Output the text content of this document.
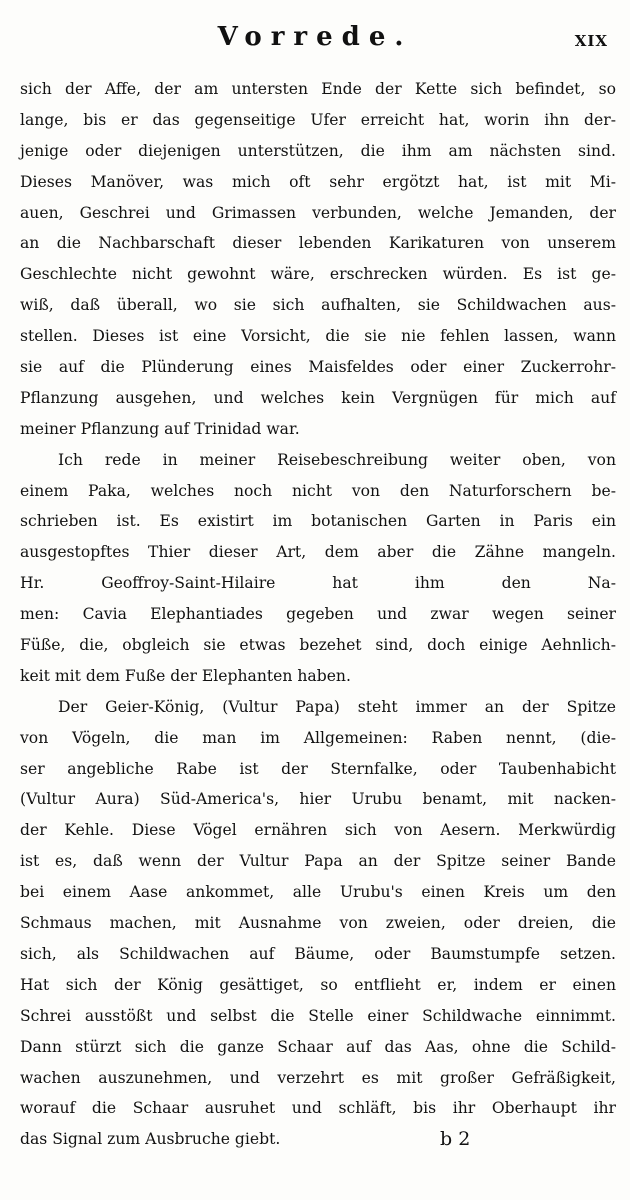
Vorrede.	XIX
sich der Affe, der am untersten Ende der Kette sich befindet, so
lange, bis er das gegenseitige Ufer erreicht hat, worin ihn der-
jenige oder diejenigen unterstützen, die ihm am nächsten sind.
Dieses Manöver, was mich oft sehr ergötzt hat, ist mit Mi-
auen, Geschrei und Grimassen verbunden, welche Jemanden, der
an die Nachbarschaft dieser lebenden Karikaturen von unserem
Geschlechte nicht gewohnt wäre, erschrecken würden. Es ist ge-
wiß, daß überall, wo sie sich aufhalten, sie Schildwachen aus-
stellen. Dieses ist eine Vorsicht, die sie nie fehlen lassen, wann
sie auf die Plünderung eines Maisfeldes oder einer Zuckerrohr-
Pflanzung ausgehen, und welches kein Vergnügen für mich auf
meiner Pflanzung auf Trinidad war.
Ich rede in meiner Reisebeschreibung weiter oben, von
einem Paka, welches noch nicht von den Naturforschern be-
schrieben ist. Es existirt im botanischen Garten in Paris ein
ausgestopftes Thier dieser Art, dem aber die Zähne mangeln.
Hr. Geoffroy-Saint-Hilaire hat ihm den Na-
men: Cavia Elephantiades gegeben und zwar wegen seiner
Füße, die, obgleich sie etwas bezehet sind, doch einige Aehnlich-
keit mit dem Fuße der Elephanten haben.
Der Geier-König, (Vultur Papa) steht immer an der Spitze
von Vögeln, die man im Allgemeinen: Raben nennt, (die-
ser angebliche Rabe ist der Sternfalke, oder Taubenhabicht
(Vultur Aura) Süd-America's, hier Urubu benamt, mit nacken-
der Kehle. Diese Vögel ernähren sich von Aesern. Merkwürdig
ist es, daß wenn der Vultur Papa an der Spitze seiner Bande
bei einem Aase ankommet, alle Urubu's einen Kreis um den
Schmaus machen, mit Ausnahme von zweien, oder dreien, die
sich, als Schildwachen auf Bäume, oder Baumstumpfe setzen.
Hat sich der König gesättiget, so entflieht er, indem er einen
Schrei ausstößt und selbst die Stelle einer Schildwache einnimmt.
Dann stürzt sich die ganze Schaar auf das Aas, ohne die Schild-
wachen auszunehmen, und verzehrt es mit großer Gefräßigkeit,
worauf die Schaar ausruhet und schläft, bis ihr Oberhaupt ihr
das Signal zum Ausbruche giebt.	b 2
